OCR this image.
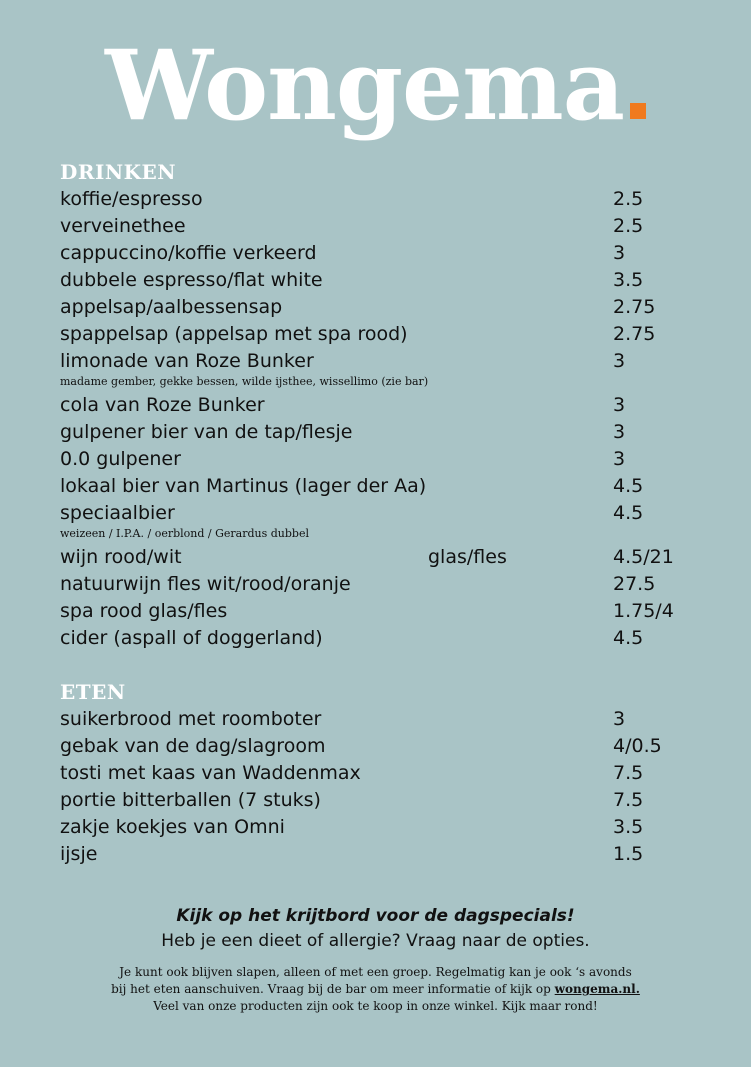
Wongema
DRINKEN
koffie/espresso	2.5
verveinethee	2.5
cappuccino/koffie verkeerd	3
dubbele espresso/flat white	3.5
appelsap/aalbessensap	2.75
spappelsap (appelsap met spa rood)	2.75
limonade van Roze Bunker	3
madame gember, gekke bessen, wilde ijsthee, wissellimo (zie bar)
cola van Roze Bunker	3
gulpener bier van de tap/flesje	3
0.0 gulpener	3
lokaal bier van Martinus (lager der Aa)	4.5
speciaalbier	4.5
weizeen / I.P.A. / oerblond / Gerardus dubbel
wijn rood/wit	glas/fles	4.5/21
natuurwijn fles wit/rood/oranje	27.5
spa rood glas/fles	1.75/4
cider (aspall of doggerland)	4.5
ETEN
suikerbrood met roomboter	3
gebak van de dag/slagroom	4/0.5
tosti met kaas van Waddenmax	7.5
portie bitterballen (7 stuks)	7.5
zakje koekjes van Omni	3.5
ijsje	1.5
Kijk op het krijtbord voor de dagspecials!
Heb je een dieet of allergie? Vraag naar de opties.
Je kunt ook blijven slapen, alleen of met een groep. Regelmatig kan je ook ‘s avonds
bij het eten aanschuiven. Vraag bij de bar om meer informatie of kijk op wongema.nl.
Veel van onze producten zijn ook te koop in onze winkel. Kijk maar rond!
